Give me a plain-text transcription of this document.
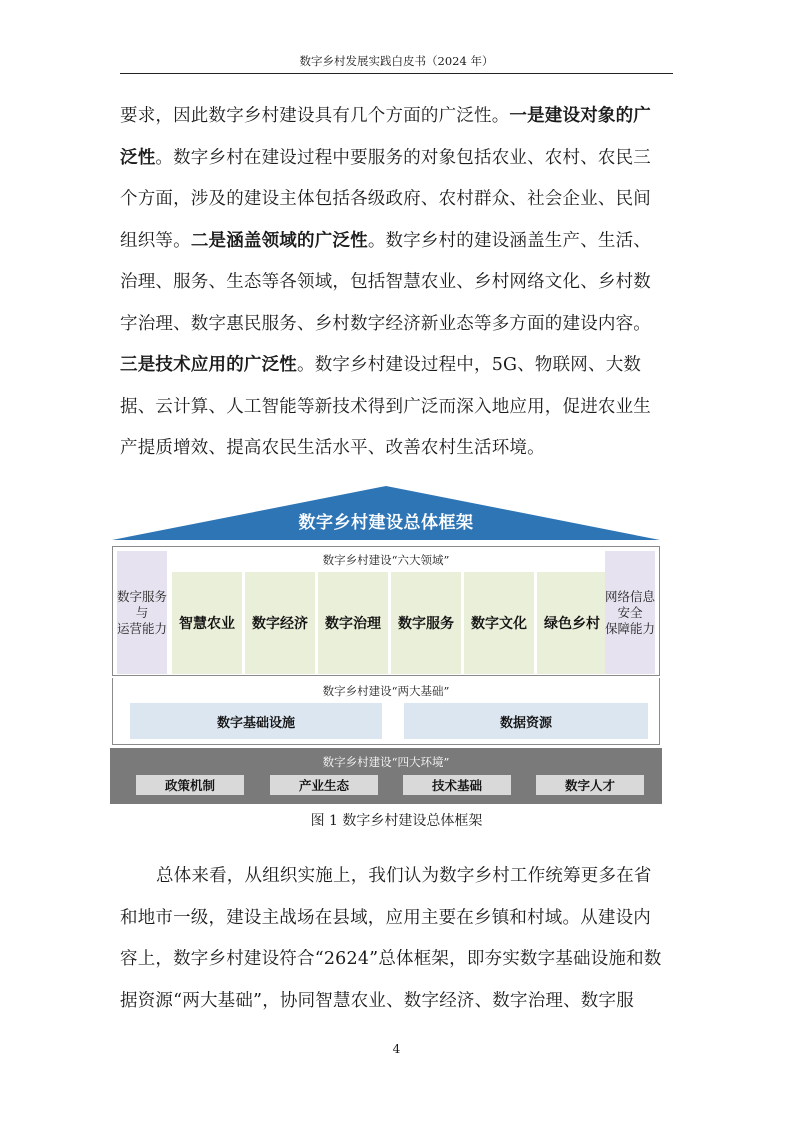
数字乡村发展实践白皮书（2024 年）
要求，因此数字乡村建设具有几个方面的广泛性。一是建设对象的广
泛性。数字乡村在建设过程中要服务的对象包括农业、农村、农民三
个方面，涉及的建设主体包括各级政府、农村群众、社会企业、民间
组织等。二是涵盖领域的广泛性。数字乡村的建设涵盖生产、生活、
治理、服务、生态等各领域，包括智慧农业、乡村网络文化、乡村数
字治理、数字惠民服务、乡村数字经济新业态等多方面的建设内容。
三是技术应用的广泛性。数字乡村建设过程中，5G、物联网、大数
据、云计算、人工智能等新技术得到广泛而深入地应用，促进农业生
产提质增效、提高农民生活水平、改善农村生活环境。
数字乡村建设总体框架
数字乡村建设“六大领域”
数字服务
与
运营能力 智慧农业	数字经济	数字治理	数字服务	数字文化	绿色乡村
网络信息
安全
保障能力
数字乡村建设“两大基础”
数字基础设施	数据资源
数字乡村建设“四大环境”
政策机制	产业生态	技术基础	数字人才
图 1 数字乡村建设总体框架
总体来看，从组织实施上，我们认为数字乡村工作统筹更多在省
和地市一级，建设主战场在县域，应用主要在乡镇和村域。从建设内
容上，数字乡村建设符合“2624”总体框架，即夯实数字基础设施和数
据资源“两大基础”，协同智慧农业、数字经济、数字治理、数字服
4
